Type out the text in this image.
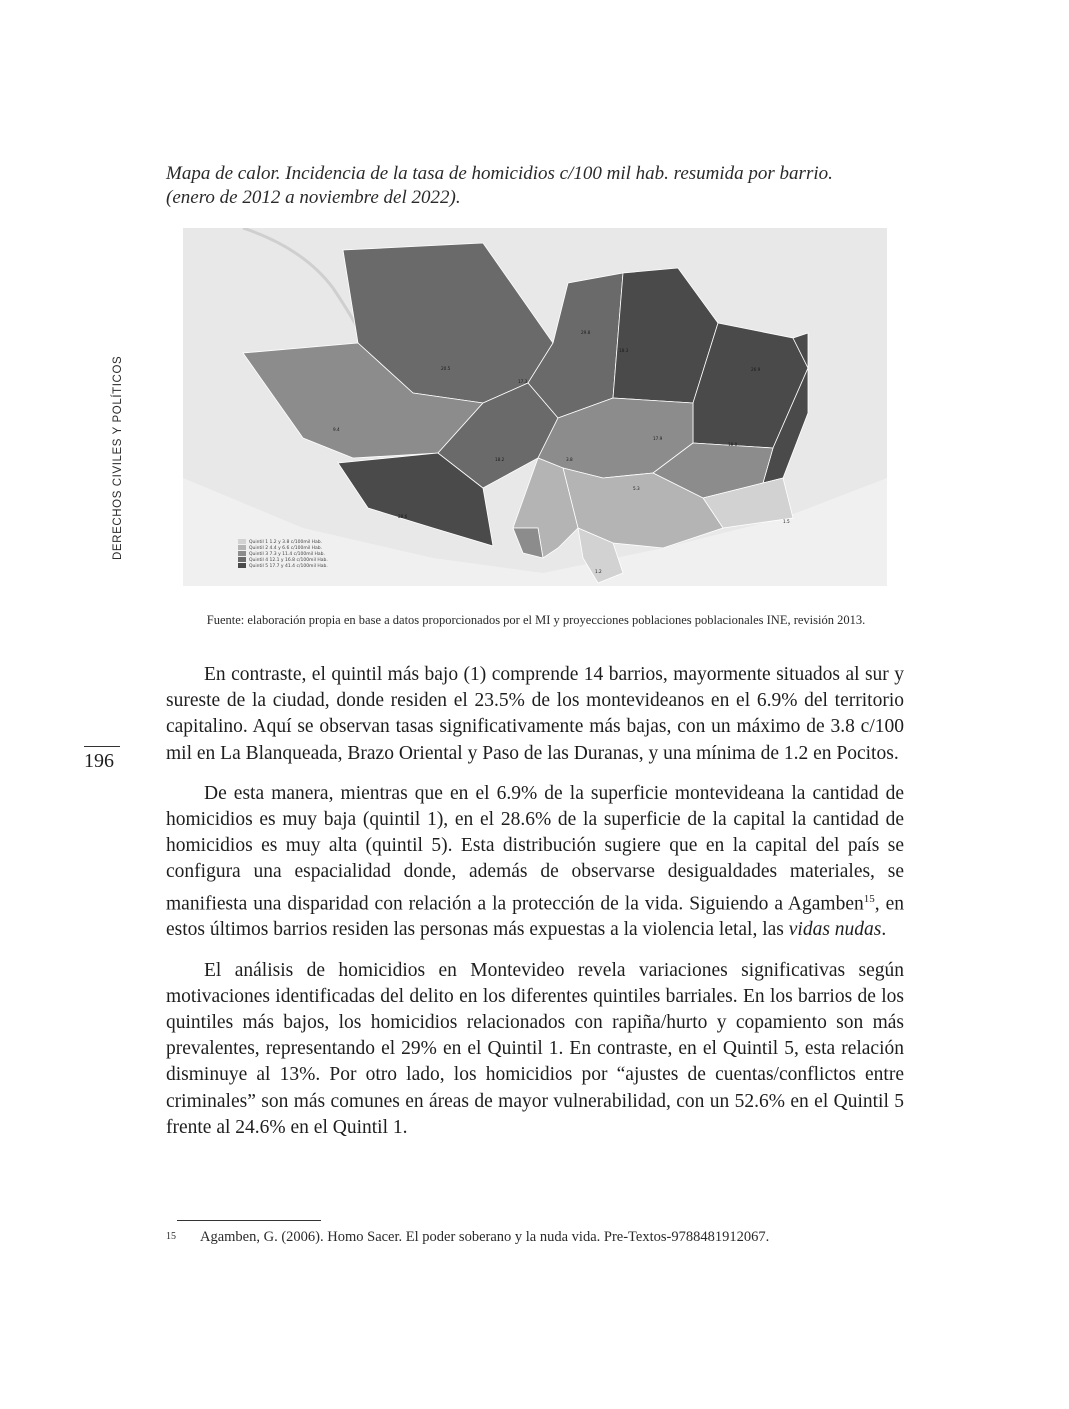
Mapa de calor. Incidencia de la tasa de homicidios c/100 mil hab. resumida por barrio.
(enero de 2012 a noviembre del 2022).
20.5
9.4
28.6
29.8
18.3
26.9
18.0
17.3
18.2
17.9
3.8
5.3
1.5
1.2
Quintil 1 1.2 y 3.8 c/100mil Hab.
Quintil 2 4.4 y 6.6 c/100mil Hab.
Quintil 3 7.3 y 11.4 c/100mil Hab.
Quintil 4 12.1 y 16.8 c/100mil Hab.
Quintil 5 17.7 y 41.4 c/100mil Hab.
Fuente: elaboración propia en base a datos proporcionados por el MI y proyecciones poblaciones poblacionales INE, revisión 2013.
DERECHOS CIVILES Y POLÍTICOS
196

En contraste, el quintil más bajo (1) comprende 14 barrios, mayormente situados al sur y sureste de la ciudad, donde residen el 23.5% de los montevideanos en el 6.9% del territorio capitalino. Aquí se observan tasas significativamente más bajas, con un máximo de 3.8 c/100 mil en La Blanqueada, Brazo Oriental y Paso de las Duranas, y una mínima de 1.2 en Pocitos.

De esta manera, mientras que en el 6.9% de la superficie montevideana la cantidad de homicidios es muy baja (quintil 1), en el 28.6% de la superficie de la capital la cantidad de homicidios es muy alta (quintil 5). Esta distribución sugiere que en la capital del país se configura una espacialidad donde, además de observarse desigualdades materiales, se manifiesta una disparidad con relación a la protección de la vida. Siguiendo a Agamben$^{15}$, en estos últimos barrios residen las personas más expuestas a la violencia letal, las vidas nudas.

El análisis de homicidios en Montevideo revela variaciones significativas según motivaciones identificadas del delito en los diferentes quintiles barriales. En los barrios de los quintiles más bajos, los homicidios relacionados con rapiña/hurto y copamiento son más prevalentes, representando el 29% en el Quintil 1. En contraste, en el Quintil 5, esta relación disminuye al 13%. Por otro lado, los homicidios por “ajustes de cuentas/conflictos entre criminales” son más comunes en áreas de mayor vulnerabilidad, con un 52.6% en el Quintil 5 frente al 24.6% en el Quintil 1.

15 Agamben, G. (2006). Homo Sacer. El poder soberano y la nuda vida. Pre-Textos-9788481912067.
